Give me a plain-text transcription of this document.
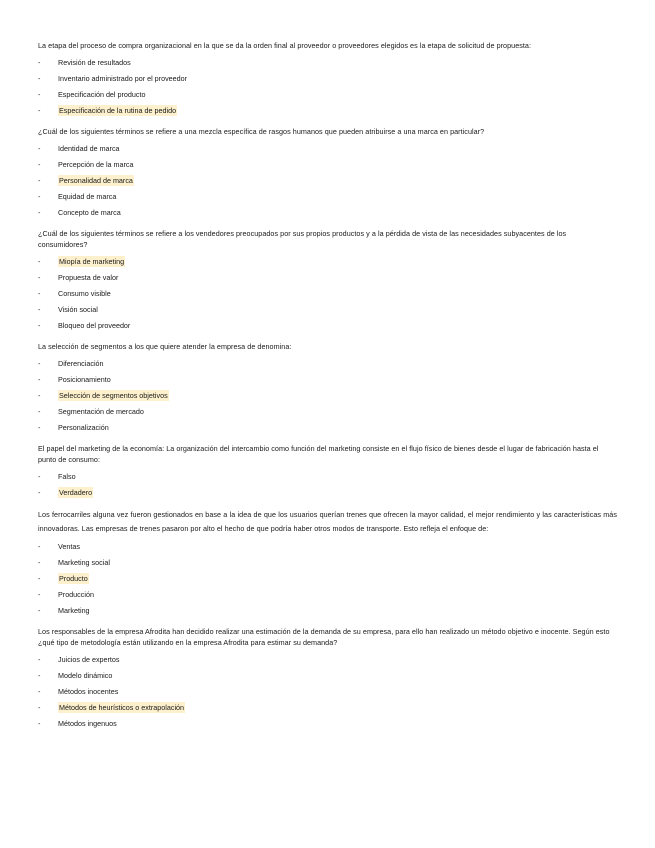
La etapa del proceso de compra organizacional en la que se da la orden final al proveedor o proveedores elegidos es la etapa de solicitud de propuesta:
- Revisión de resultados
- Inventario administrado por el proveedor
- Especificación del producto
-	Especificación de la rutina de pedido
¿Cuál de los siguientes términos se refiere a una mezcla específica de rasgos humanos que pueden atribuirse a una marca en particular?
- Identidad de marca
- Percepción de la marca
-	Personalidad de marca
- Equidad de marca
- Concepto de marca
¿Cuál de los siguientes términos se refiere a los vendedores preocupados por sus propios productos y a la pérdida de vista de las necesidades subyacentes de los consumidores?
-	Miopía de marketing
- Propuesta de valor
- Consumo visible
- Visión social
- Bloqueo del proveedor
La selección de segmentos a los que quiere atender la empresa de denomina:
- Diferenciación
- Posicionamiento
-	Selección de segmentos objetivos
- Segmentación de mercado
- Personalización
El papel del marketing de la economía: La organización del intercambio como función del marketing consiste en el flujo físico de bienes desde el lugar de fabricación hasta el punto de consumo:
- Falso
-	Verdadero
Los ferrocarriles alguna vez fueron gestionados en base a la idea de que los usuarios querían trenes que ofrecen la mayor calidad, el mejor rendimiento y las características más innovadoras. Las empresas de trenes pasaron por alto el hecho de que podría haber otros modos de transporte. Esto refleja el enfoque de:
- Ventas
- Marketing social
-	Producto
- Producción
- Marketing
Los responsables de la empresa Afrodita han decidido realizar una estimación de la demanda de su empresa, para ello han realizado un método objetivo e inocente. Según esto ¿qué tipo de metodología están utilizando en la empresa Afrodita para estimar su demanda?
- Juicios de expertos
- Modelo dinámico
- Métodos inocentes
-	Métodos de heurísticos o extrapolación
- Métodos ingenuos
